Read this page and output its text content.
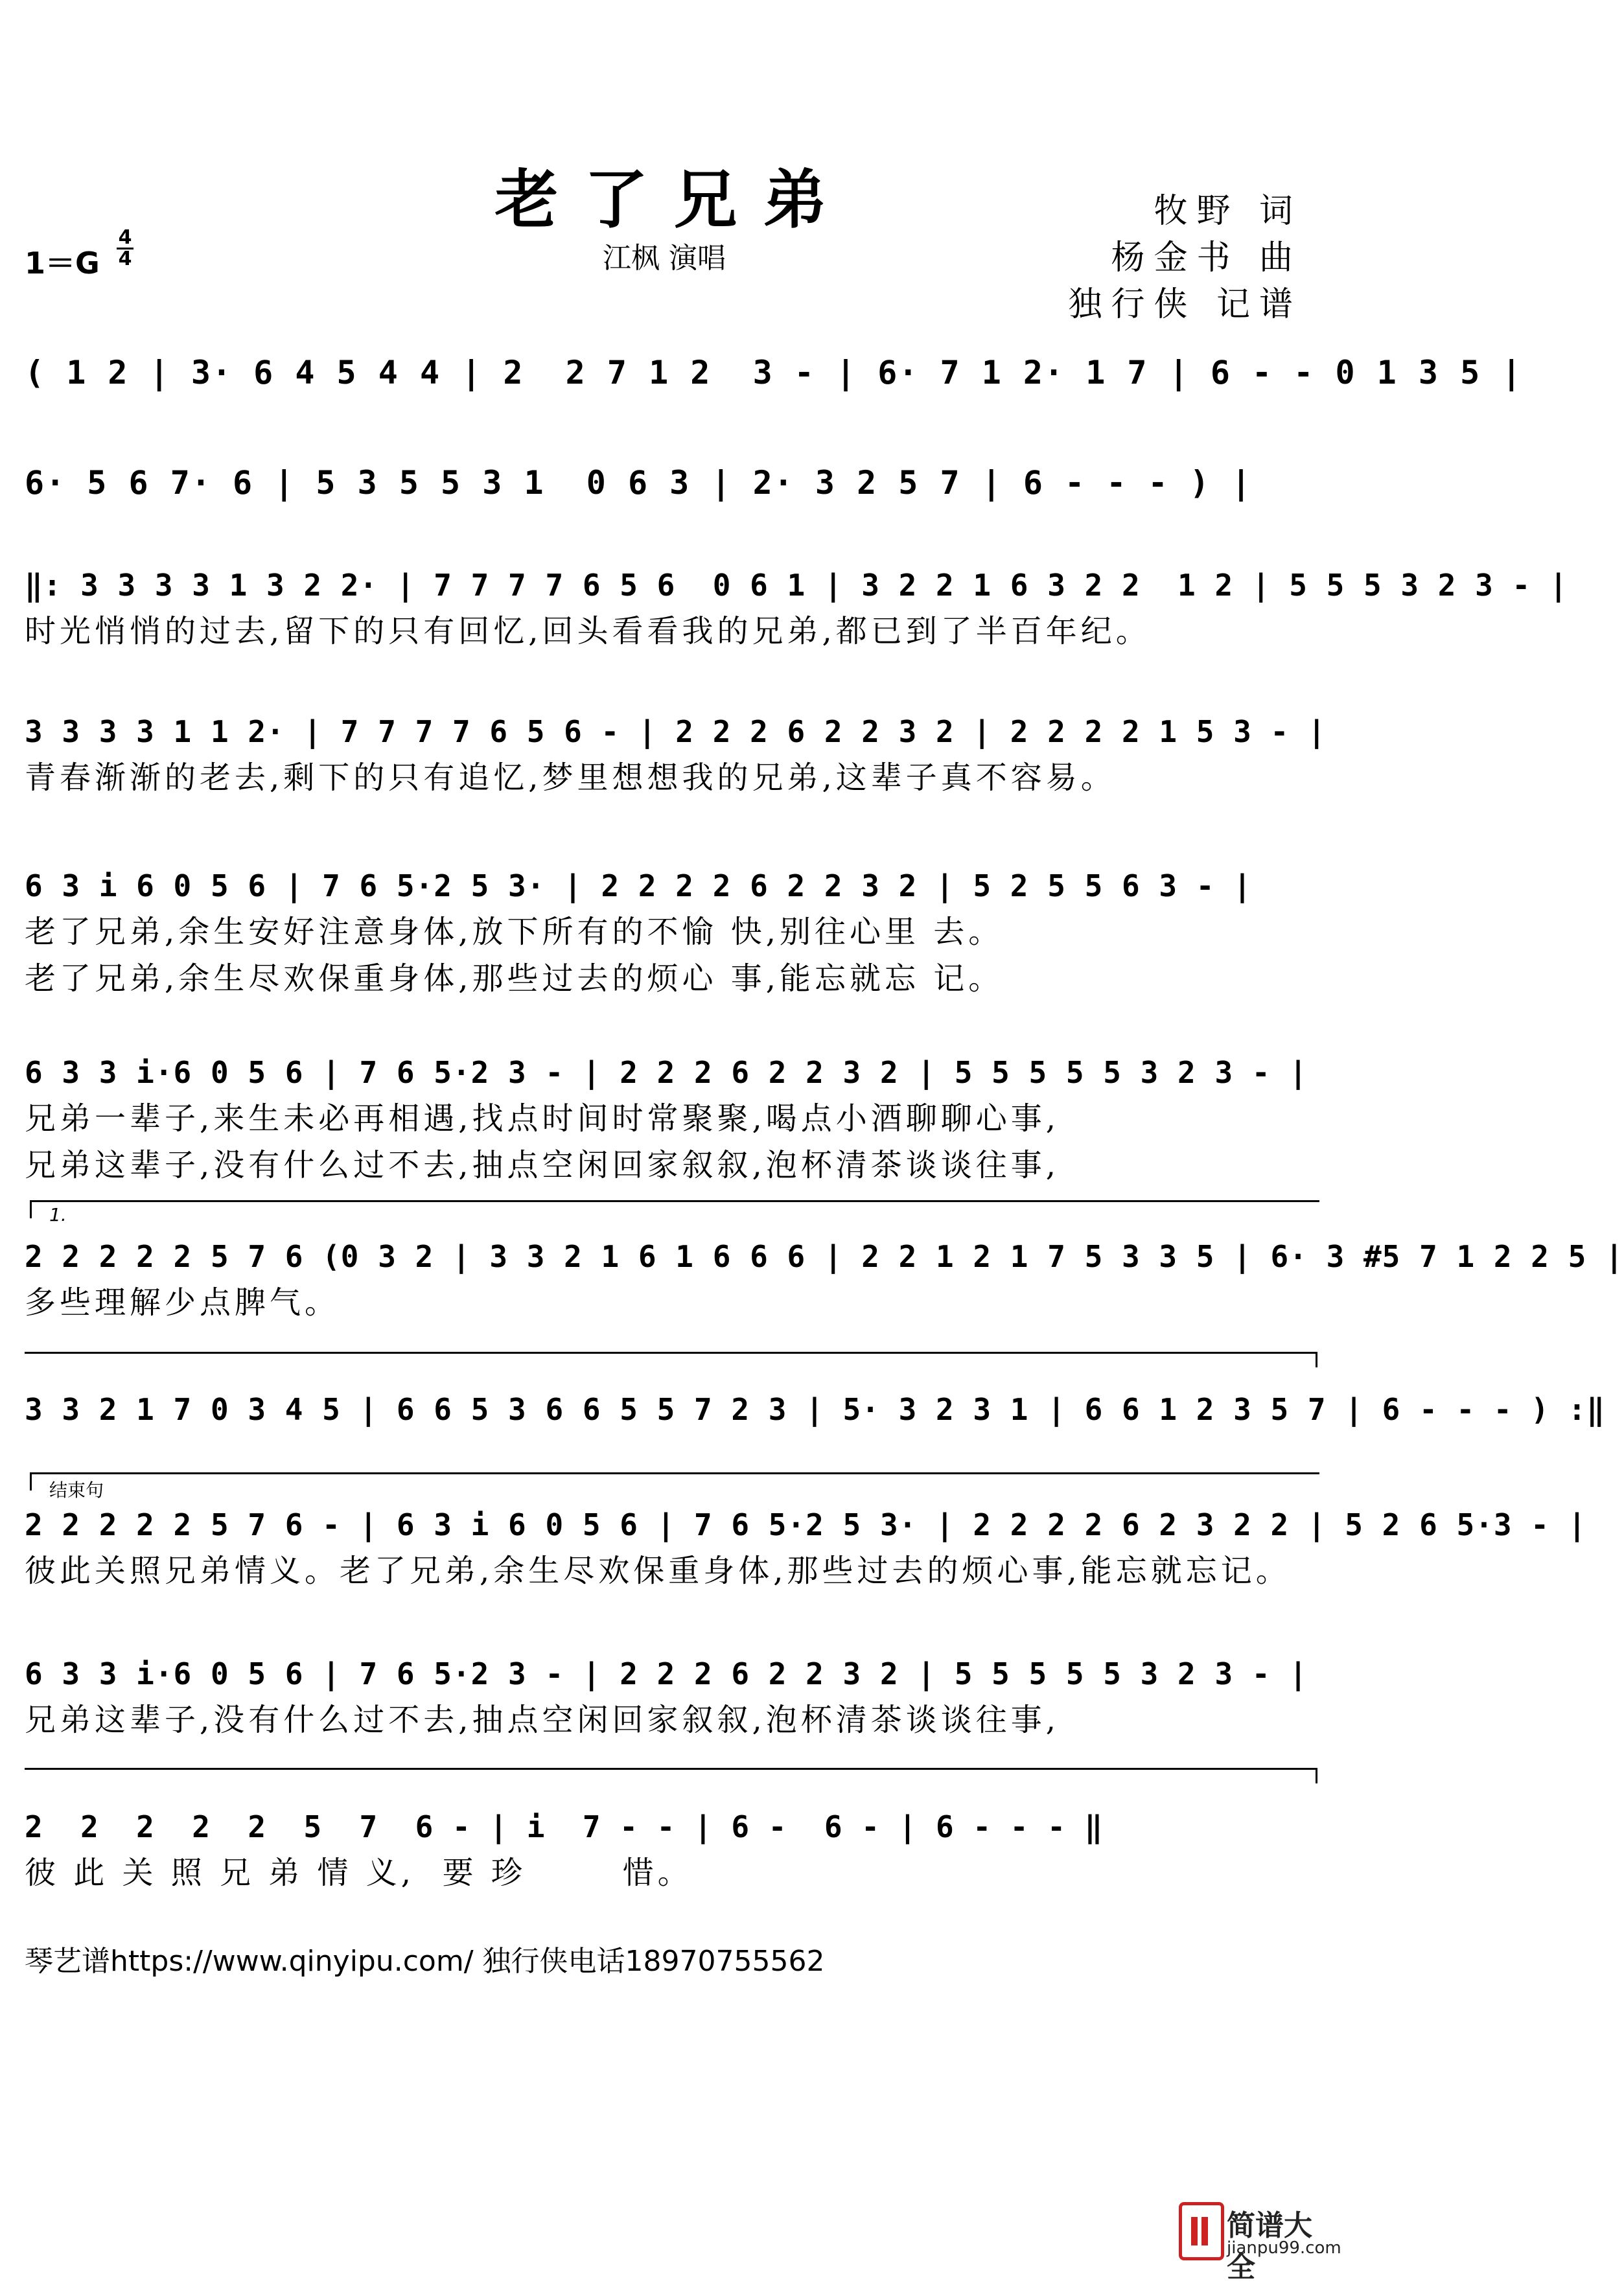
老了兄弟
江枫 演唱
1＝G
4
4
牧野 词
杨金书 曲
独行侠 记谱
( 1 2 | 3· 6 4 5 4 4 | 2  2 7 1 2  3 - | 6· 7 1 2· 1 7 | 6 - - 0 1 3 5 |
6· 5 6 7· 6 | 5 3 5 5 3 1  0 6 3 | 2· 3 2 5 7 | 6 - - - ) |
‖: 3 3 3 3 1 3 2 2· | 7 7 7 7 6 5 6  0 6 1 | 3 2 2 1 6 3 2 2  1 2 | 5 5 5 3 2 3 - |
时光悄悄的过去,留下的只有回忆,回头看看我的兄弟,都已到了半百年纪。
3 3 3 3 1 1 2· | 7 7 7 7 6 5 6 - | 2 2 2 6 2 2 3 2 | 2 2 2 2 1 5 3 - |
青春渐渐的老去,剩下的只有追忆,梦里想想我的兄弟,这辈子真不容易。
6 3 i 6 0 5 6 | 7 6 5·2 5 3· | 2 2 2 2 6 2 2 3 2 | 5 2 5 5 6 3 - |
老了兄弟,余生安好注意身体,放下所有的不愉 快,别往心里 去。
老了兄弟,余生尽欢保重身体,那些过去的烦心 事,能忘就忘 记。
6 3 3 i·6 0 5 6 | 7 6 5·2 3 - | 2 2 2 6 2 2 3 2 | 5 5 5 5 5 3 2 3 - |
兄弟一辈子,来生未必再相遇,找点时间时常聚聚,喝点小酒聊聊心事,
兄弟这辈子,没有什么过不去,抽点空闲回家叙叙,泡杯清茶谈谈往事,
1.
2 2 2 2 2 5 7 6 (0 3 2 | 3 3 2 1 6 1 6 6 6 | 2 2 1 2 1 7 5 3 3 5 | 6· 3 #5 7 1 2 2 5 |
多些理解少点脾气。
3 3 2 1 7 0 3 4 5 | 6 6 5 3 6 6 5 5 7 2 3 | 5· 3 2 3 1 | 6 6 1 2 3 5 7 | 6 - - - ) :‖
结束句
2 2 2 2 2 5 7 6 - | 6 3 i 6 0 5 6 | 7 6 5·2 5 3· | 2 2 2 2 6 2 3 2 2 | 5 2 6 5·3 - |
彼此关照兄弟情义。老了兄弟,余生尽欢保重身体,那些过去的烦心事,能忘就忘记。
6 3 3 i·6 0 5 6 | 7 6 5·2 3 - | 2 2 2 6 2 2 3 2 | 5 5 5 5 5 3 2 3 - |
兄弟这辈子,没有什么过不去,抽点空闲回家叙叙,泡杯清茶谈谈往事,
2  2  2  2  2  5  7  6 - | i  7 - - | 6 -  6 - | 6 - - - ‖
彼 此 关 照 兄 弟 情 义,  要 珍       惜。
琴艺谱https://www.qinyipu.com/ 独行侠电话18970755562
简谱大全
jianpu99.com
